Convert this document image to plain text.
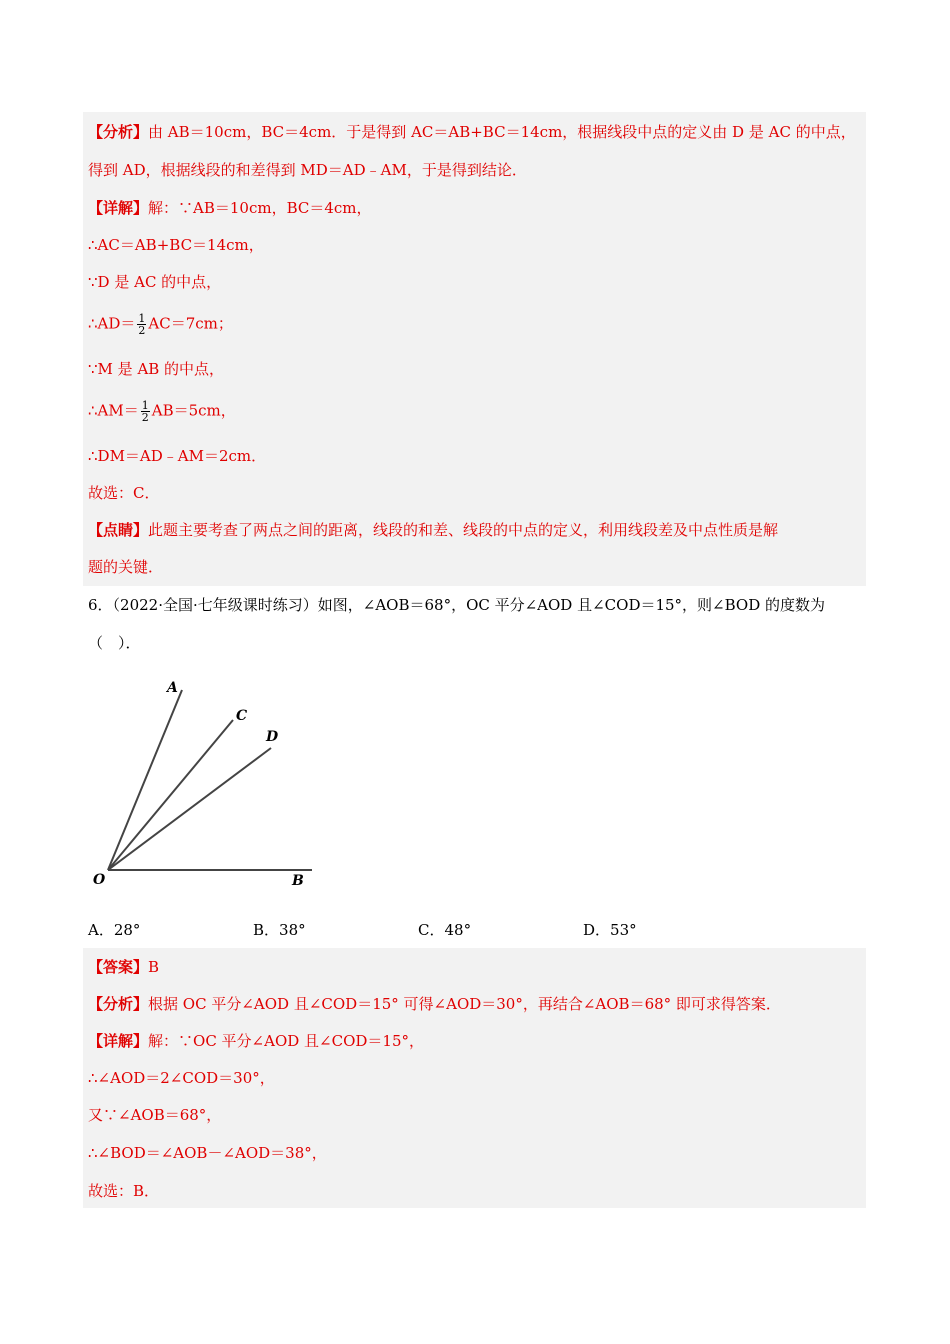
【分析】由 AB＝10cm，BC＝4cm．于是得到 AC＝AB+BC＝14cm，根据线段中点的定义由 D 是 AC 的中点，
得到 AD，根据线段的和差得到 MD＝AD﹣AM，于是得到结论．
【详解】解：∵AB＝10cm，BC＝4cm，
∴AC＝AB+BC＝14cm，
∵D 是 AC 的中点，
∴AD＝ $\frac{1}{2} AC=7cm$；
∵M 是 AB 的中点，
∴AM＝ $\frac{1}{2} AB=5cm$，
∴DM＝AD﹣AM＝2cm．
故选：C．
【点睛】此题主要考查了两点之间的距离，线段的和差、线段的中点的定义，利用线段差及中点性质是解
题的关键．
6．（2022·全国·七年级课时练习）如图，∠AOB＝68°，OC 平分∠AOD 且∠COD＝15°，则∠BOD 的度数为
（　）．
A
C
D
O	B
A．28°	B．38°	C．48°	D．53°
【答案】B
【分析】根据 OC 平分∠AOD 且∠COD＝15° 可得∠AOD＝30°，再结合∠AOB＝68° 即可求得答案．
【详解】解：∵OC 平分∠AOD 且∠COD＝15°，
∴∠AOD＝2∠COD＝30°，
又∵∠AOB＝68°，
∴∠BOD＝∠AOB－∠AOD＝38°，
故选：B．
